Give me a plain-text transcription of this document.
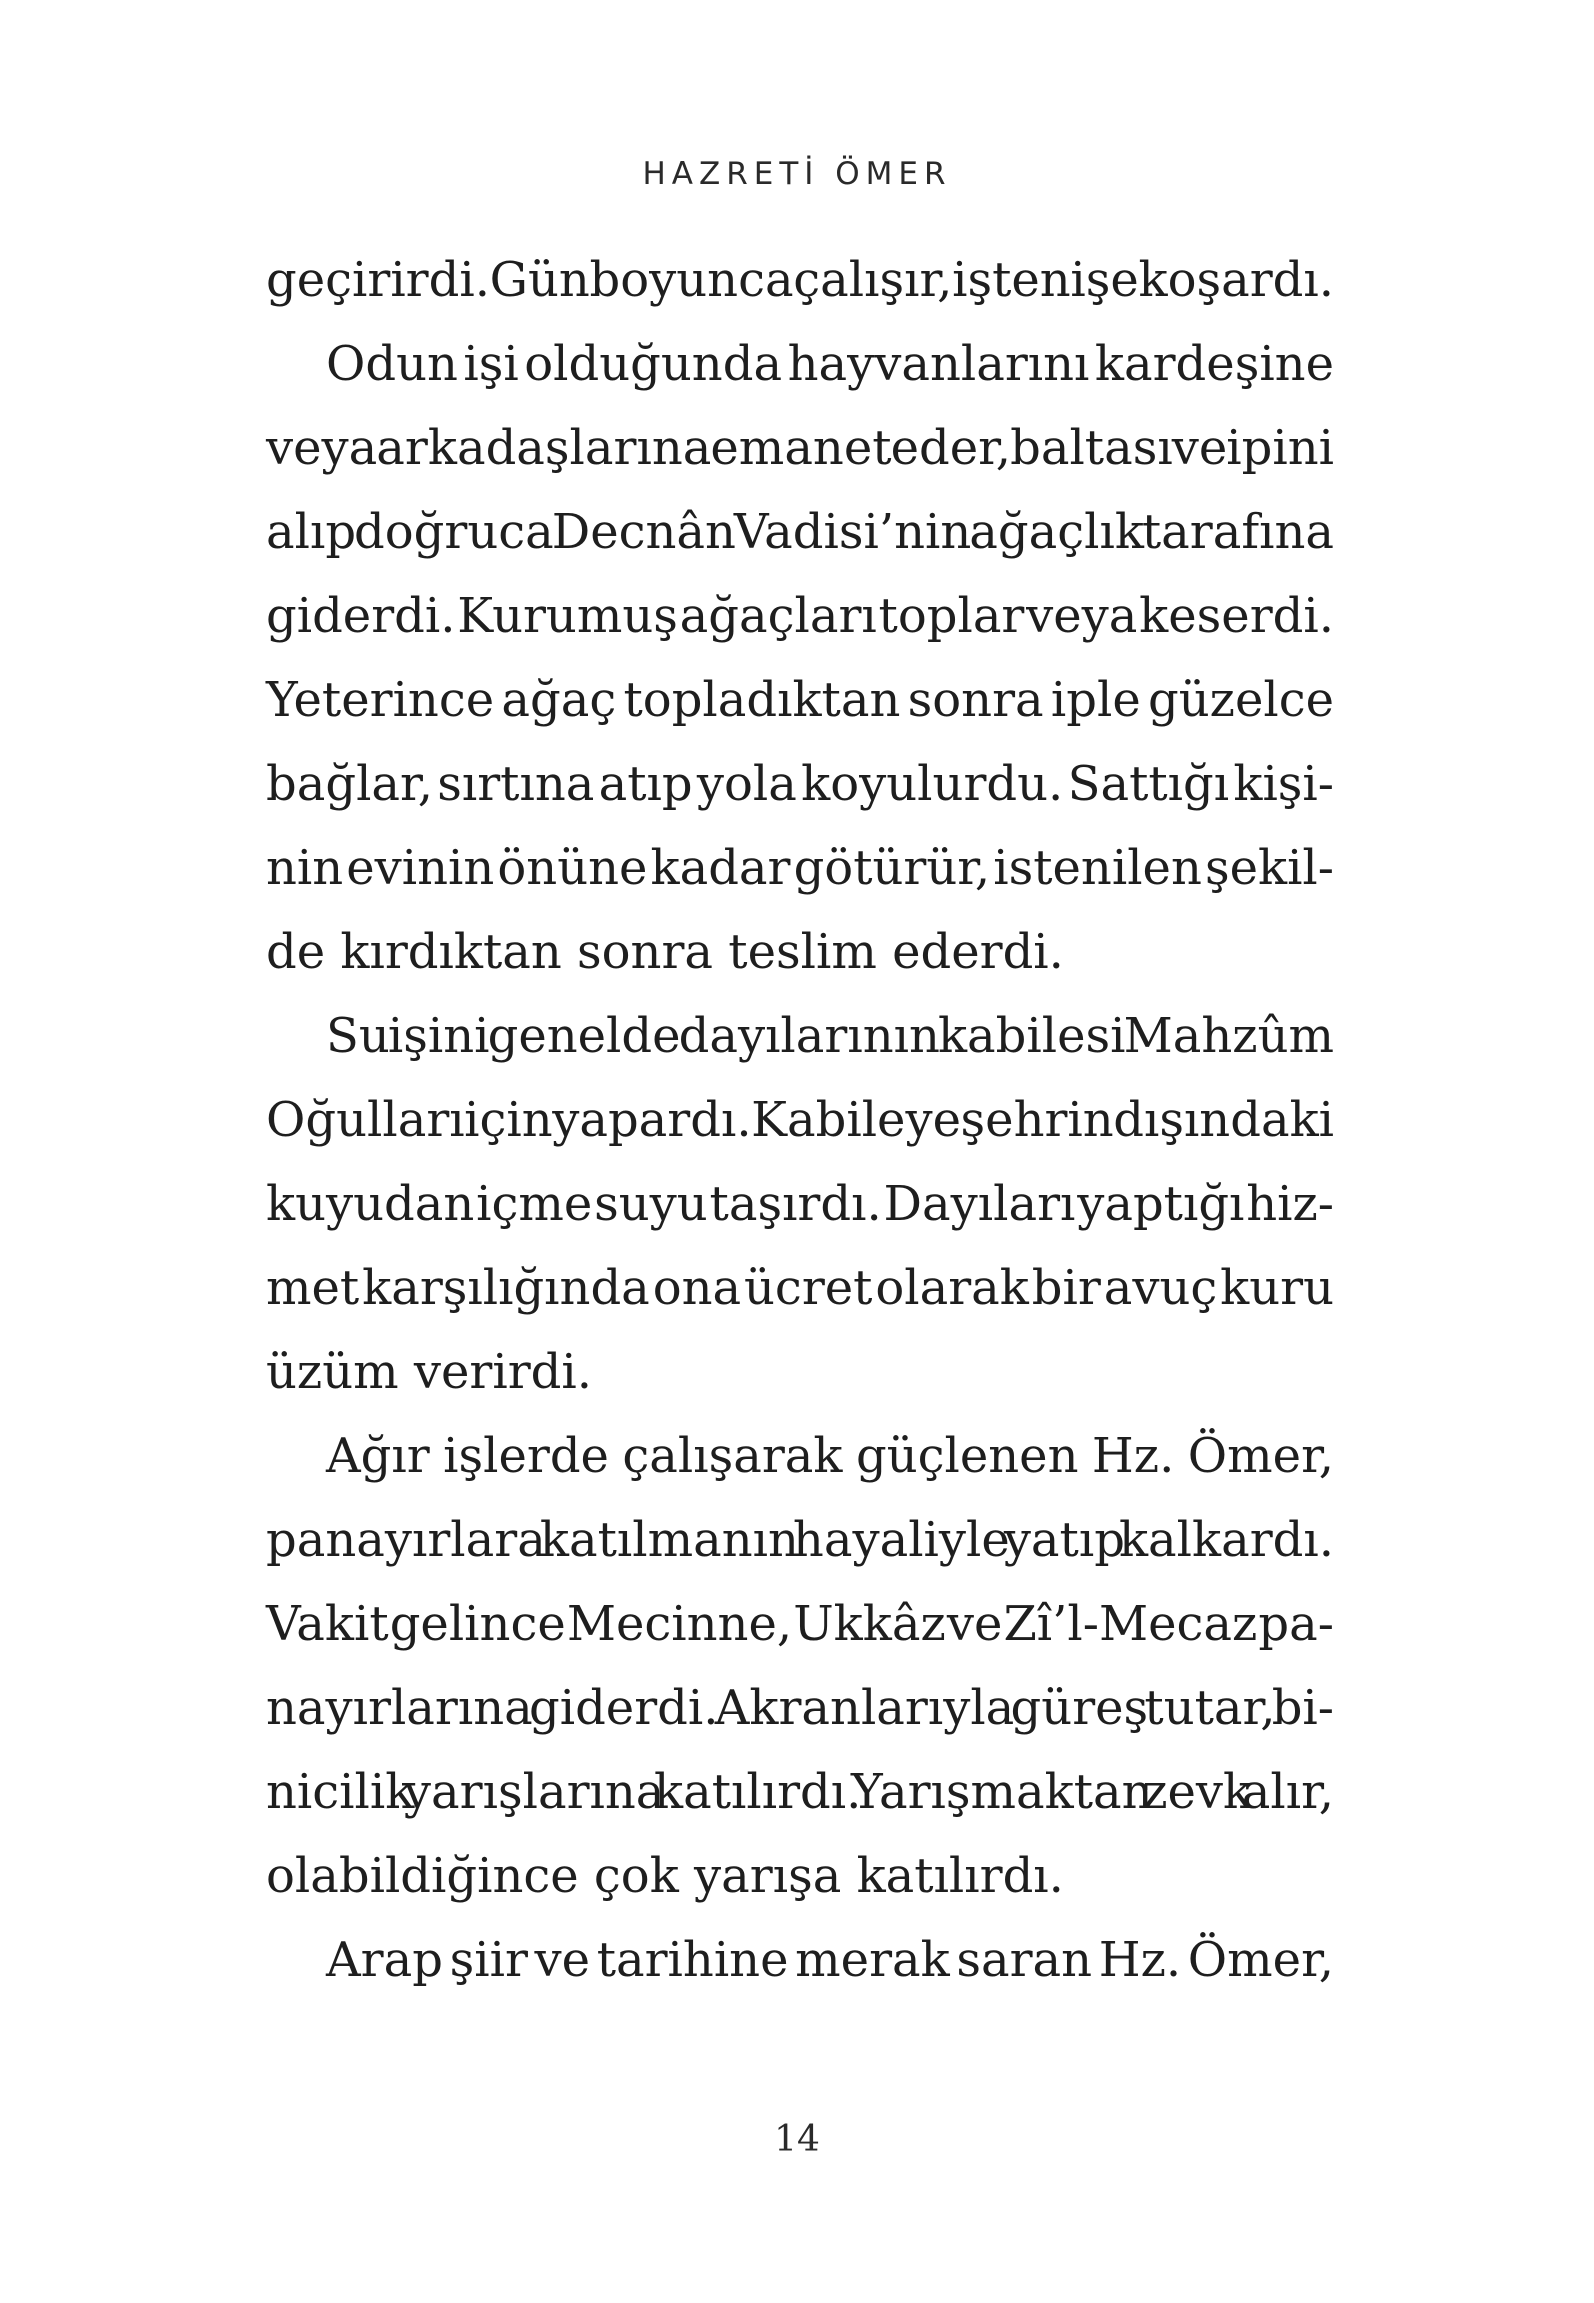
HAZRETİ ÖMER
geçirirdi. Gün boyunca çalışır, işten işe koşardı.
Odun işi olduğunda hayvanlarını kardeşine
veya arkadaşlarına emanet eder, baltası ve ipini
alıp doğruca Decnân Vadisi’nin ağaçlık tarafına
giderdi. Kurumuş ağaçları toplar veya keserdi.
Yeterince ağaç topladıktan sonra iple güzelce
bağlar, sırtına atıp yola koyulurdu. Sattığı kişi-
nin evinin önüne kadar götürür, istenilen şekil-
de kırdıktan sonra teslim ederdi.
Su işini genelde dayılarının kabilesi Mahzûm
Oğulları için yapardı. Kabileye şehrin dışındaki
kuyudan içme suyu taşırdı. Dayıları yaptığı hiz-
met karşılığında ona ücret olarak bir avuç kuru
üzüm verirdi.
Ağır işlerde çalışarak güçlenen Hz. Ömer,
panayırlara katılmanın hayaliyle yatıp kalkardı.
Vakit gelince Mecinne, Ukkâz ve Zî’l-Mecaz pa-
nayırlarına giderdi. Akranlarıyla güreş tutar, bi-
nicilik yarışlarına katılırdı. Yarışmaktan zevk alır,
olabildiğince çok yarışa katılırdı.
Arap şiir ve tarihine merak saran Hz. Ömer,
14
